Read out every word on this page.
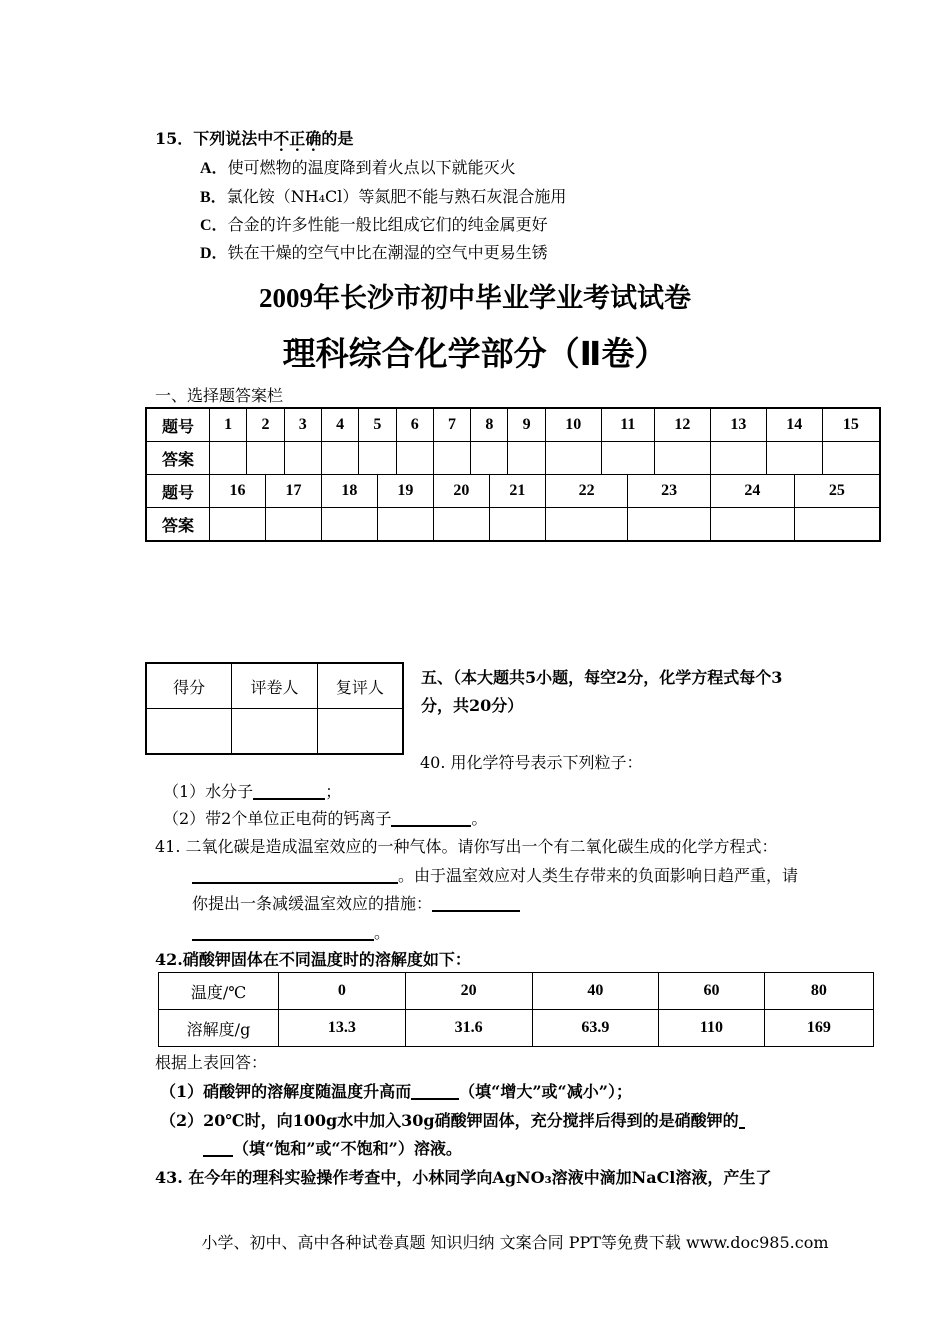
15．下列说法中不正确的是
A．使可燃物的温度降到着火点以下就能灭火
B．氯化铵（NH₄Cl）等氮肥不能与熟石灰混合施用
C．合金的许多性能一般比组成它们的纯金属更好
D．铁在干燥的空气中比在潮湿的空气中更易生锈
2009年长沙市初中毕业学业考试试卷
理科综合化学部分（Ⅱ卷）
一、选择题答案栏
题号	1	2		3	4	5		6	7	8		9	10	11		12	13	14		15
答案																				
题号	16		17		18		19		20		21		22		23		24		25	
答案																				
得分	评卷人	复评人
		五、（本大题共5小题，每空2分，化学方程式每个3
分，共20分）
40. 用化学符号表示下列粒子：
（1）水分子	；
（2）带2个单位正电荷的钙离子	。
41. 二氧化碳是造成温室效应的一种气体。请你写出一个有二氧化碳生成的化学方程式：
。由于温室效应对人类生存带来的负面影响日趋严重，请
你提出一条减缓温室效应的措施：
。
42.硝酸钾固体在不同温度时的溶解度如下：
温度/℃	0	20	40	60	80
溶解度/g	13.3	31.6	63.9	110	169
根据上表回答：
（1）硝酸钾的溶解度随温度升高而	（填“增大”或“减小”）；
（2）20℃时，向100g水中加入30g硝酸钾固体，充分搅拌后得到的是硝酸钾的
（填“饱和”或“不饱和”）溶液。
43. 在今年的理科实验操作考查中，小林同学向AgNO₃溶液中滴加NaCl溶液，产生了
小学、初中、高中各种试卷真题 知识归纳 文案合同 PPT等免费下载 www.doc985.com
